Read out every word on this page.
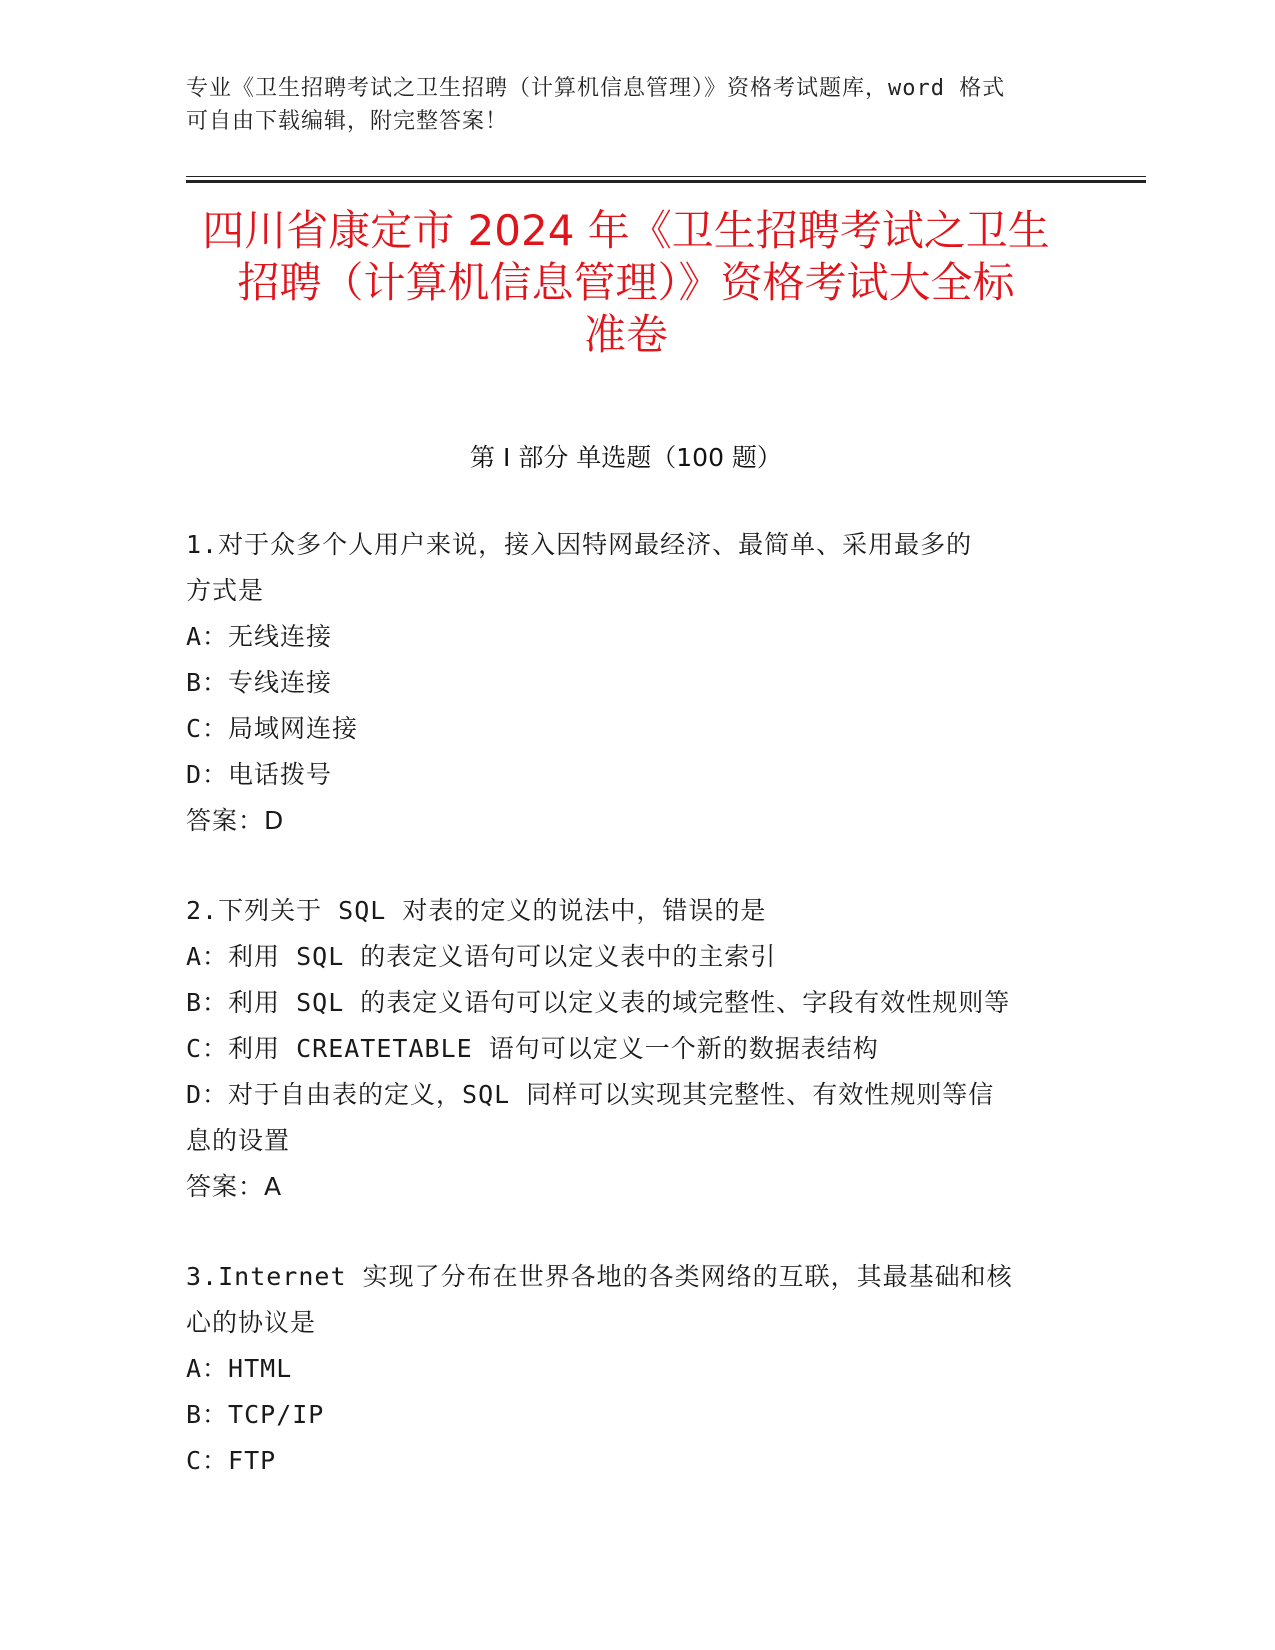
专业《卫生招聘考试之卫生招聘（计算机信息管理）》资格考试题库，word 格式
可自由下载编辑，附完整答案！
四川省康定市 2024 年《卫生招聘考试之卫生
招聘（计算机信息管理）》资格考试大全标
准卷
第 I 部分 单选题（100 题）
1.对于众多个人用户来说，接入因特网最经济、最简单、采用最多的
方式是
A：无线连接
B：专线连接
C：局域网连接
D：电话拨号
答案：D
2.下列关于 SQL 对表的定义的说法中，错误的是
A：利用 SQL 的表定义语句可以定义表中的主索引
B：利用 SQL 的表定义语句可以定义表的域完整性、字段有效性规则等
C：利用 CREATETABLE 语句可以定义一个新的数据表结构
D：对于自由表的定义，SQL 同样可以实现其完整性、有效性规则等信
息的设置
答案：A
3.Internet 实现了分布在世界各地的各类网络的互联，其最基础和核
心的协议是
A：HTML
B：TCP/IP
C：FTP
